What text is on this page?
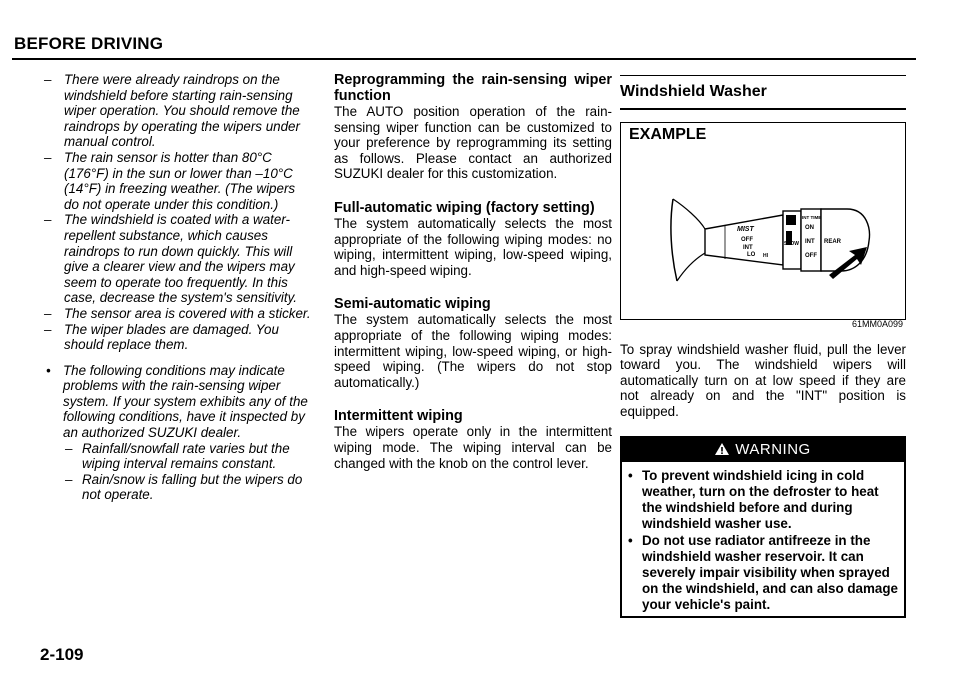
BEFORE DRIVING
– There were already raindrops on the windshield before starting rain-sensing wiper operation. You should remove the raindrops by operating the wipers under manual control.
– The rain sensor is hotter than 80°C (176°F) in the sun or lower than –10°C (14°F) in freezing weather. (The wipers do not operate under this condition.)
– The windshield is coated with a water-repellent substance, which causes raindrops to run down quickly. This will give a clearer view and the wipers may seem to operate too frequently. In this case, decrease the system's sensitivity.
– The sensor area is covered with a sticker.
– The wiper blades are damaged. You should replace them.
• The following conditions may indicate problems with the rain-sensing wiper system. If your system exhibits any of the following conditions, have it inspected by an authorized SUZUKI dealer.
– Rainfall/snowfall rate varies but the wiping interval remains constant.
– Rain/snow is falling but the wipers do not operate.
Reprogramming the rain-sensing wiper function

The AUTO position operation of the rain-sensing wiper function can be customized to your preference by reprogramming its setting as follows. Please contact an authorized SUZUKI dealer for this customization.

Full-automatic wiping (factory setting)

The system automatically selects the most appropriate of the following wiping modes: no wiping, intermittent wiping, low-speed wiping, and high-speed wiping.

Semi-automatic wiping

The system automatically selects the most appropriate of the following wiping modes: intermittent wiping, low-speed wiping, or high-speed wiping. (The wipers do not stop automatically.)

Intermittent wiping

The wipers operate only in the intermittent wiping mode. The wiping interval can be changed with the knob on the control lever.

Windshield Washer
EXAMPLE
MIST
OFF
INT
LO HI
SLOW
INT TIME
ON
INT
OFF
REAR
61MM0A099
To spray windshield washer fluid, pull the lever toward you. The windshield wipers will automatically turn on at low speed if they are not already on and the "INT" position is equipped.
WARNING
• To prevent windshield icing in cold weather, turn on the defroster to heat the windshield before and during windshield washer use.
• Do not use radiator antifreeze in the windshield washer reservoir. It can severely impair visibility when sprayed on the windshield, and can also damage your vehicle's paint.
2-109
